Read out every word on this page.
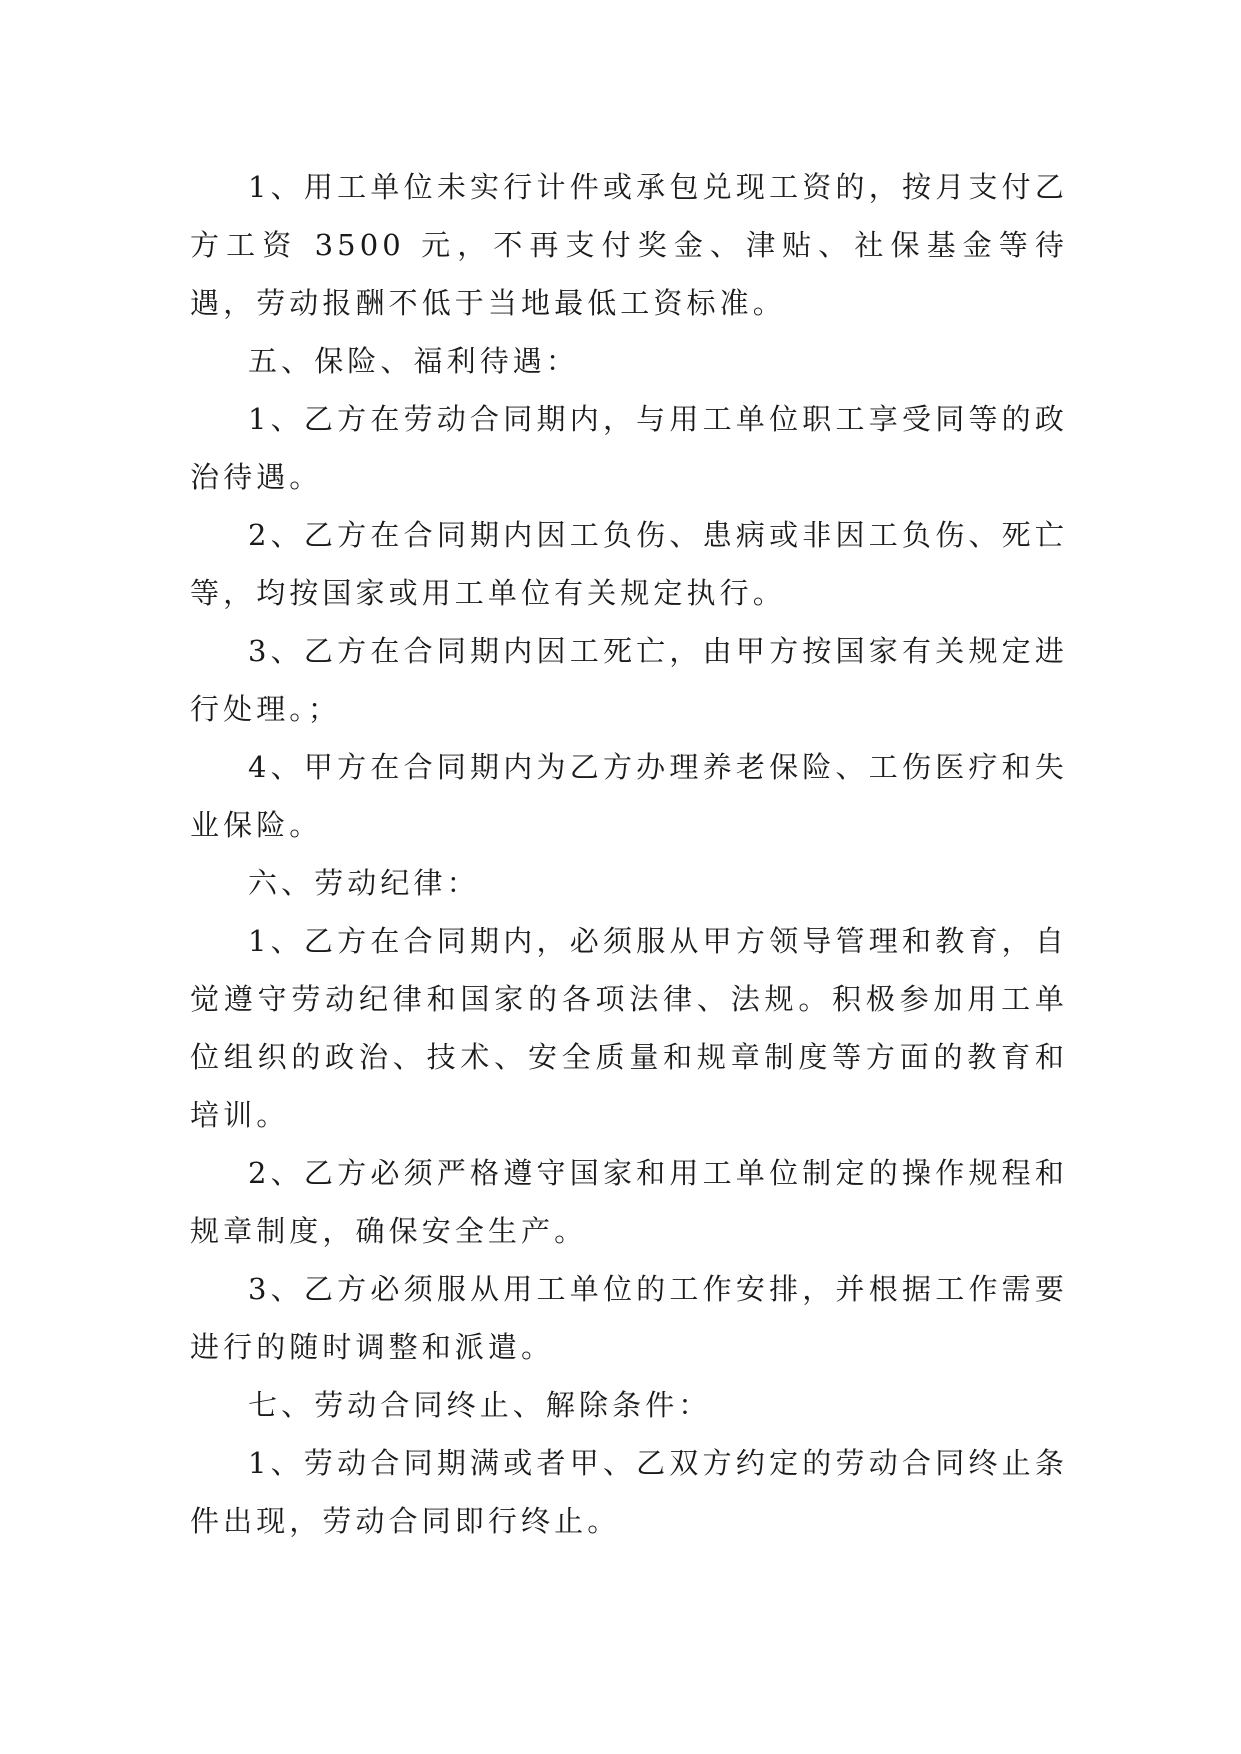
1、用工单位未实行计件或承包兑现工资的，按月支付乙方工资 3500 元，不再支付奖金、津贴、社保基金等待遇，劳动报酬不低于当地最低工资标准。

五、保险、福利待遇：

1、乙方在劳动合同期内，与用工单位职工享受同等的政治待遇。

2、乙方在合同期内因工负伤、患病或非因工负伤、死亡等，均按国家或用工单位有关规定执行。

3、乙方在合同期内因工死亡，由甲方按国家有关规定进行处理。；

4、甲方在合同期内为乙方办理养老保险、工伤医疗和失业保险。

六、劳动纪律：

1、乙方在合同期内，必须服从甲方领导管理和教育，自觉遵守劳动纪律和国家的各项法律、法规。积极参加用工单位组织的政治、技术、安全质量和规章制度等方面的教育和培训。

2、乙方必须严格遵守国家和用工单位制定的操作规程和规章制度，确保安全生产。

3、乙方必须服从用工单位的工作安排，并根据工作需要进行的随时调整和派遣。

七、劳动合同终止、解除条件：

1、劳动合同期满或者甲、乙双方约定的劳动合同终止条件出现，劳动合同即行终止。
